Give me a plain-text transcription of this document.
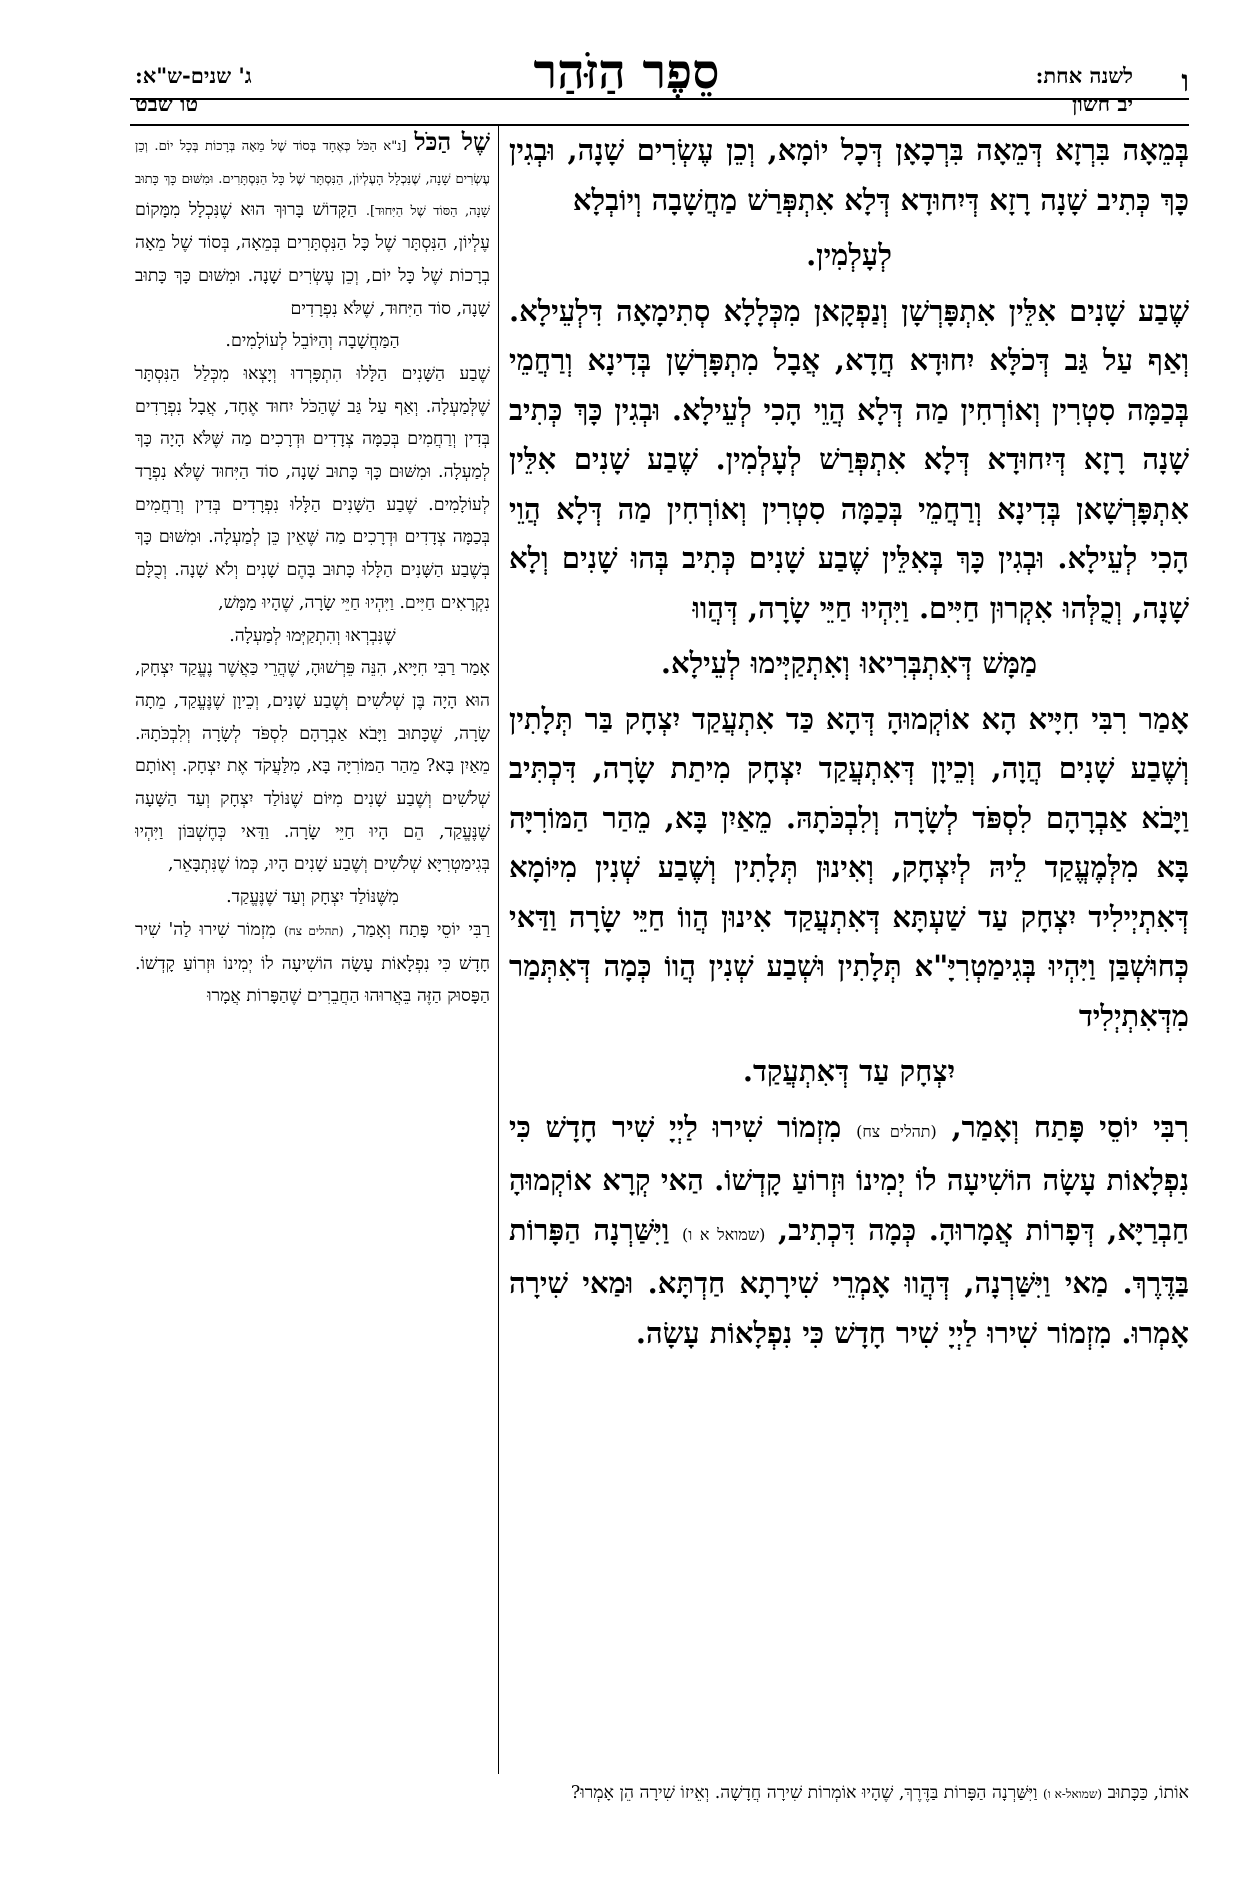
ו
לשנה אחת:
יב חשון
סֵפֶר הַזֹּהַר
ג' שנים-ש"א:
טו שבט

בְּמֵאָה בִּרְזָא דְּמֵאָה בִּרְכָאָן דְּכָל יוֹמָא, וְכֵן עֶשְׂרִים שָׁנָה, וּבְגִין כָּךְ כְּתִיב שָׁנָה רָזָא דְּיִחוּדָא דְּלָא אִתְפְּרַשׁ מַחֲשָׁבָה וְיוֹבְלָא

לְעָלְמִין.

שֶׁבַע שָׁנִים אִלֵּין אִתְפָּרְשָׁן וְנַפְקָאן מִכְּלָלָא סְתִימָאָה דִּלְעֵילָא. וְאַף עַל גַּב דְּכֹלָּא יִחוּדָא חֲדָא, אֲבָל מִתְפָּרְשָׁן בְּדִינָא וְרַחֲמֵי בְּכַמָּה סִטְרִין וְאוֹרְחִין מַה דְּלָא הֲוֵי הָכִי לְעֵילָא. וּבְגִין כָּךְ כְּתִיב שָׁנָה רָזָא דְּיִחוּדָא דְּלָא אִתְפְּרַשׁ לְעָלְמִין. שֶׁבַע שָׁנִים אִלֵּין אִתְפָּרְשָׁאן בְּדִינָא וְרַחֲמֵי בְּכַמָּה סִטְרִין וְאוֹרְחִין מַה דְּלָא הֲוֵי הָכִי לְעֵילָא. וּבְגִין כָּךְ בְּאִלֵּין שֶׁבַע שָׁנִים כְּתִיב בְּהוּ שָׁנִים וְלָא שָׁנָה, וְכֻלְּהוּ אִקְרוּן חַיִּים. וַיִּהְיוּ חַיֵּי שָׂרָה, דְּהֲווּ

מַמָּשׁ דְּאִתְבְּרִיאוּ וְאִתְקַיְּימוּ לְעֵילָא.

אָמַר רִבִּי חִיָּיא הָא אוֹקְמוּהָ דְּהָא כַּד אִתְעֲקַד יִצְחָק בַּר תְּלָתִין וְשֶׁבַע שָׁנִים הֲוָה, וְכֵיוָן דְּאִתְעֲקַד יִצְחָק מִיתַת שָׂרָה, דִּכְתִּיב וַיָּבֹא אַבְרָהָם לִסְפֹּד לְשָׂרָה וְלִבְכֹּתָהּ. מֵאַיִן בָּא, מֵהַר הַמּוֹרִיָּה בָּא מִלְּמֶעֱקַד לֵיהּ לְיִצְחָק, וְאִינוּן תְּלָתִין וְשֶׁבַע שְׁנִין מִיּוֹמָא דְּאִתְיְילִיד יִצְחָק עַד שַׁעְתָּא דְּאִתְעֲקַד אִינוּן הֲווֹ חַיֵּי שָׂרָה וַדַּאי כְּחוּשְׁבַּן וַיִּהְיוּ בְּגִימַטְרִיָּ"א תְּלָתִין וּשְׁבַע שְׁנִין הֲווֹ כְּמָה דְּאִתְּמַר מִדְּאִתְיְלִיד

יִצְחָק עַד דְּאִתְעֲקַד.

רִבִּי יוֹסֵי פָּתַח וְאָמַר, (תהלים צח) מִזְמוֹר שִׁירוּ לַיְיָ שִׁיר חָדָשׁ כִּי נִפְלָאוֹת עָשָׂה הוֹשִׁיעָה לוֹ יְמִינוֹ וּזְרוֹעַ קָדְשׁוֹ. הַאי קְרָא אוֹקְמוּהָ חַבְרַיָּא, דְּפָרוֹת אֲמָרוּהָ. כְּמָה דִּכְתִיב, (שמואל א ו) וַיִּשַּׁרְנָה הַפָּרוֹת בַּדֶּרֶךְ. מַאי וַיִּשַּׁרְנָה, דְּהֲווּ אָמְרֵי שִׁירָתָא חַדְתָּא. וּמַאי שִׁירָה אָמְרוּ. מִזְמוֹר שִׁירוּ לַיְיָ שִׁיר חָדָשׁ כִּי נִפְלָאוֹת עָשָׂה.

שֶׁל הַכֹּל [נ"א הַכֹּל כְּאֶחָד בְּסוֹד שֶׁל מֵאָה בְּרָכוֹת בְּכָל יוֹם. וְכֵן עֶשְׂרִים שָׁנָה, שֶׁנִּכְלָל הָעֶלְיוֹן, הַנִּסְתָּר שֶׁל כָּל הַנִּסְתָּרִים. וּמִשּׁוּם כָּךְ כָּתוּב שָׁנָה, הַסּוֹד שֶׁל הַיִּחוּד]. הַקָּדוֹשׁ בָּרוּךְ הוּא שֶׁנִּכְלָל מִמָּקוֹם עֶלְיוֹן, הַנִּסְתָּר שֶׁל כָּל הַנִּסְתָּרִים בְּמֵאָה, בְּסוֹד שֶׁל מֵאָה בְרָכוֹת שֶׁל כָּל יוֹם, וְכֵן עֶשְׂרִים שָׁנָה. וּמִשּׁוּם כָּךְ כָּתוּב שָׁנָה, סוֹד הַיִּחוּד, שֶׁלֹּא נִפְרָדִים

הַמַּחֲשָׁבָה וְהַיּוֹבֵל לְעוֹלָמִים.

שֶׁבַע הַשָּׁנִים הַלָּלוּ הִתְפָּרְדוּ וְיָצְאוּ מִכְּלַל הַנִּסְתָּר שֶׁלְּמַעְלָה. וְאַף עַל גַּב שֶׁהַכֹּל יִחוּד אֶחָד, אֲבָל נִפְרָדִים בְּדִין וְרַחֲמִים בְּכַמָּה צְדָדִים וּדְרָכִים מַה שֶּׁלֹּא הָיָה כָּךְ לְמַעְלָה. וּמִשּׁוּם כָּךְ כָּתוּב שָׁנָה, סוֹד הַיִּחוּד שֶׁלֹּא נִפְרָד לְעוֹלָמִים. שֶׁבַע הַשָּׁנִים הַלָּלוּ נִפְרָדִים בְּדִין וְרַחֲמִים בְּכַמָּה צְדָדִים וּדְרָכִים מַה שֶּׁאֵין כֵּן לְמַעְלָה. וּמִשּׁוּם כָּךְ בְּשֶׁבַע הַשָּׁנִים הַלָּלוּ כָּתוּב בָּהֶם שָׁנִים וְלֹא שָׁנָה. וְכֻלָּם נִקְרָאִים חַיִּים. וַיִּהְיוּ חַיֵּי שָׂרָה, שֶׁהָיוּ מַמָּשׁ,

שֶׁנִּבְרְאוּ וְהִתְקַיְּמוּ לְמַעְלָה.

אָמַר רַבִּי חִיָּיא, הִנֵּה פֵּרְשׁוּהָ, שֶׁהֲרֵי כַּאֲשֶׁר נֶעֱקַד יִצְחָק, הוּא הָיָה בֶּן שְׁלֹשִׁים וְשֶׁבַע שָׁנִים, וְכֵיוָן שֶׁנֶּעֱקַד, מֵתָה שָׂרָה, שֶׁכָּתוּב וַיָּבֹא אַבְרָהָם לִסְפֹּד לְשָׂרָה וְלִבְכֹּתָהּ. מֵאַיִן בָּא? מֵהַר הַמּוֹרִיָּה בָּא, מִלַּעֲקֹד אֶת יִצְחָק. וְאוֹתָם שְׁלֹשִׁים וְשֶׁבַע שָׁנִים מִיּוֹם שֶׁנּוֹלַד יִצְחָק וְעַד הַשָּׁעָה שֶׁנֶּעֱקַד, הֵם הָיוּ חַיֵּי שָׂרָה. וַדַּאי כְּחֶשְׁבּוֹן וַיִּהְיוּ בְּגִימַטְרִיָּא שְׁלֹשִׁים וְשֶׁבַע שָׁנִים הָיוּ, כְּמוֹ שֶׁנִּתְבָּאֵר,

מִשֶּׁנּוֹלַד יִצְחָק וְעַד שֶׁנֶּעֱקַד.

רַבִּי יוֹסֵי פָּתַח וְאָמַר, (תהלים צח) מִזְמוֹר שִׁירוּ לַה' שִׁיר חָדָשׁ כִּי נִפְלָאוֹת עָשָׂה הוֹשִׁיעָה לוֹ יְמִינוֹ וּזְרוֹעַ קָדְשׁוֹ. הַפָּסוּק הַזֶּה בֵּאֲרוּהוּ הַחֲבֵרִים שֶׁהַפָּרוֹת אֲמָרוּ

אוֹתוֹ, כַּכָּתוּב (שמואל-א ו) וַיִּשַּׁרְנָה הַפָּרוֹת בַּדֶּרֶךְ, שֶׁהָיוּ אוֹמְרוֹת שִׁירָה חֲדָשָׁה. וְאֵיזוֹ שִׁירָה הֵן אָמְרוּ?
